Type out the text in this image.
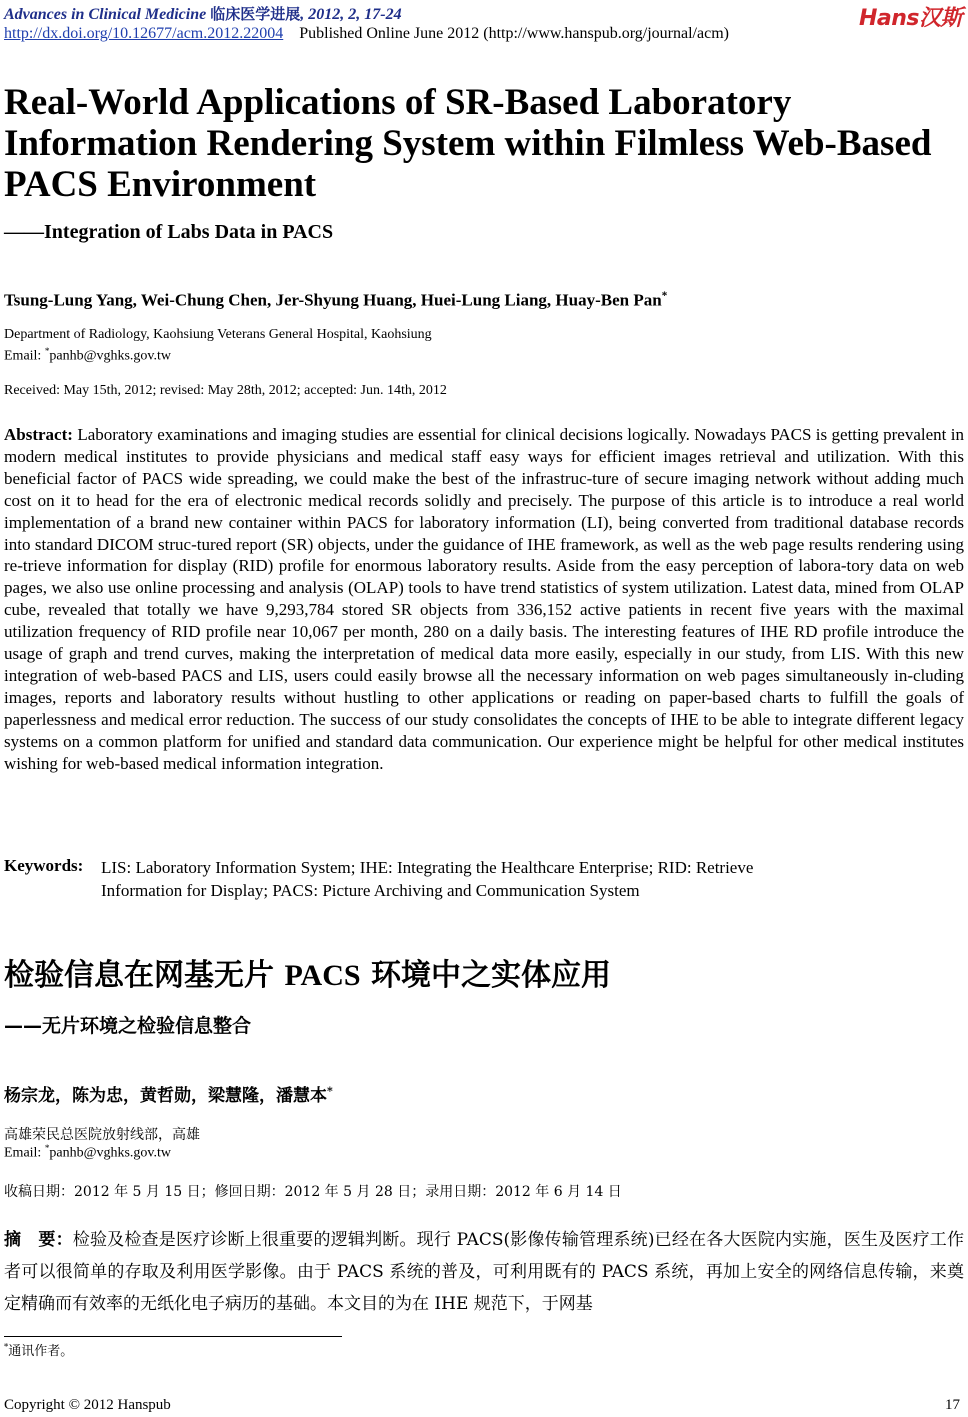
Advances in Clinical Medicine 临床医学进展, 2012, 2, 17-24
http://dx.doi.org/10.12677/acm.2012.22004 Published Online June 2012 (http://www.hanspub.org/journal/acm)
Hans汉斯
Real-World Applications of SR-Based Laboratory Information Rendering System within Filmless Web-Based PACS Environment
——Integration of Labs Data in PACS
Tsung-Lung Yang, Wei-Chung Chen, Jer-Shyung Huang, Huei-Lung Liang, Huay-Ben Pan*
Department of Radiology, Kaohsiung Veterans General Hospital, Kaohsiung
Email: *panhb@vghks.gov.tw
Received: May 15th, 2012; revised: May 28th, 2012; accepted: Jun. 14th, 2012
Abstract: Laboratory examinations and imaging studies are essential for clinical decisions logically. Nowadays PACS is getting prevalent in modern medical institutes to provide physicians and medical staff easy ways for efficient images retrieval and utilization. With this beneficial factor of PACS wide spreading, we could make the best of the infrastruc-ture of secure imaging network without adding much cost on it to head for the era of electronic medical records solidly and precisely. The purpose of this article is to introduce a real world implementation of a brand new container within PACS for laboratory information (LI), being converted from traditional database records into standard DICOM struc-tured report (SR) objects, under the guidance of IHE framework, as well as the web page results rendering using re-trieve information for display (RID) profile for enormous laboratory results. Aside from the easy perception of labora-tory data on web pages, we also use online processing and analysis (OLAP) tools to have trend statistics of system utilization. Latest data, mined from OLAP cube, revealed that totally we have 9,293,784 stored SR objects from 336,152 active patients in recent five years with the maximal utilization frequency of RID profile near 10,067 per month, 280 on a daily basis. The interesting features of IHE RD profile introduce the usage of graph and trend curves, making the interpretation of medical data more easily, especially in our study, from LIS. With this new integration of web-based PACS and LIS, users could easily browse all the necessary information on web pages simultaneously in-cluding images, reports and laboratory results without hustling to other applications or reading on paper-based charts to fulfill the goals of paperlessness and medical error reduction. The success of our study consolidates the concepts of IHE to be able to integrate different legacy systems on a common platform for unified and standard data communication. Our experience might be helpful for other medical institutes wishing for web-based medical information integration.
Keywords: LIS: Laboratory Information System; IHE: Integrating the Healthcare Enterprise; RID: Retrieve
Information for Display; PACS: Picture Archiving and Communication System
检验信息在网基无片 PACS 环境中之实体应用
——无片环境之检验信息整合
杨宗龙，陈为忠，黄哲勋，梁慧隆，潘慧本*
高雄荣民总医院放射线部，高雄
Email: *panhb@vghks.gov.tw
收稿日期：2012 年 5 月 15 日；修回日期：2012 年 5 月 28 日；录用日期：2012 年 6 月 14 日
摘　要：检验及检查是医疗诊断上很重要的逻辑判断。现行 PACS(影像传输管理系统)已经在各大医院内实施，医生及医疗工作者可以很简单的存取及利用医学影像。由于 PACS 系统的普及，可利用既有的 PACS 系统，再加上安全的网络信息传输，来奠定精确而有效率的无纸化电子病历的基础。本文目的为在 IHE 规范下，于网基
*通讯作者。
Copyright © 2012 Hanspub	17
